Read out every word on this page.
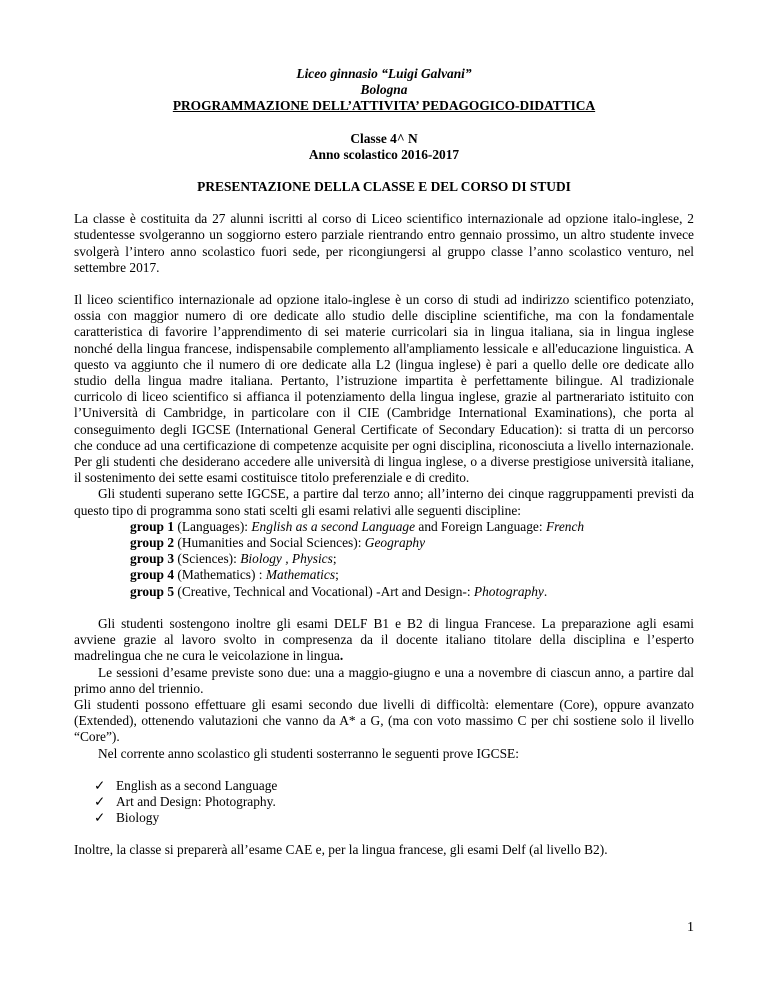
Liceo ginnasio “Luigi Galvani”

Bologna

PROGRAMMAZIONE DELL’ATTIVITA’ PEDAGOGICO-DIDATTICA

Classe 4^ N

Anno scolastico 2016-2017

PRESENTAZIONE DELLA CLASSE E DEL CORSO DI STUDI

La classe è costituita da 27 alunni iscritti al corso di Liceo scientifico internazionale ad opzione italo-inglese, 2 studentesse svolgeranno un soggiorno estero parziale rientrando entro gennaio prossimo, un altro studente invece svolgerà l’intero anno scolastico fuori sede, per ricongiungersi al gruppo classe l’anno scolastico venturo, nel settembre 2017.

Il liceo scientifico internazionale ad opzione italo-inglese è un corso di studi ad indirizzo scientifico potenziato, ossia con maggior numero di ore dedicate allo studio delle discipline scientifiche, ma con la fondamentale caratteristica di favorire l’apprendimento di sei materie curricolari sia in lingua italiana, sia in lingua inglese nonché della lingua francese, indispensabile complemento all'ampliamento lessicale e all'educazione linguistica. A questo va aggiunto che il numero di ore dedicate alla L2 (lingua inglese) è pari a quello delle ore dedicate allo studio della lingua madre italiana. Pertanto, l’istruzione impartita è perfettamente bilingue. Al tradizionale curricolo di liceo scientifico si affianca il potenziamento della lingua inglese, grazie al partnerariato istituito con l’Università di Cambridge, in particolare con il CIE (Cambridge International Examinations), che porta al conseguimento degli IGCSE (International General Certificate of Secondary Education): si tratta di un percorso che conduce ad una certificazione di competenze acquisite per ogni disciplina, riconosciuta a livello internazionale. Per gli studenti che desiderano accedere alle università di lingua inglese, o a diverse prestigiose università italiane, il sostenimento dei sette esami costituisce titolo preferenziale e di credito.

Gli studenti superano sette IGCSE, a partire dal terzo anno; all’interno dei cinque raggruppamenti previsti da questo tipo di programma sono stati scelti gli esami relativi alle seguenti discipline:

group 1 (Languages): English as a second Language and Foreign Language: French

group 2 (Humanities and Social Sciences): Geography

group 3 (Sciences): Biology , Physics;

group 4 (Mathematics) : Mathematics;

group 5 (Creative, Technical and Vocational) -Art and Design-: Photography.

Gli studenti sostengono inoltre gli esami DELF B1 e B2 di lingua Francese. La preparazione agli esami avviene grazie al lavoro svolto in compresenza da il docente italiano titolare della disciplina e l’esperto madrelingua che ne cura le veicolazione in lingua.

Le sessioni d’esame previste sono due: una a maggio-giugno e una a novembre di ciascun anno, a partire dal primo anno del triennio.

Gli studenti possono effettuare gli esami secondo due livelli di difficoltà: elementare (Core), oppure avanzato (Extended), ottenendo valutazioni che vanno da A* a G, (ma con voto massimo C per chi sostiene solo il livello “Core”).

Nel corrente anno scolastico gli studenti sosterranno le seguenti prove IGCSE:

✓ English as a second Language
✓ Art and Design: Photography.
✓ Biology

Inoltre, la classe si preparerà all’esame CAE e, per la lingua francese, gli esami Delf (al livello B2).

1
